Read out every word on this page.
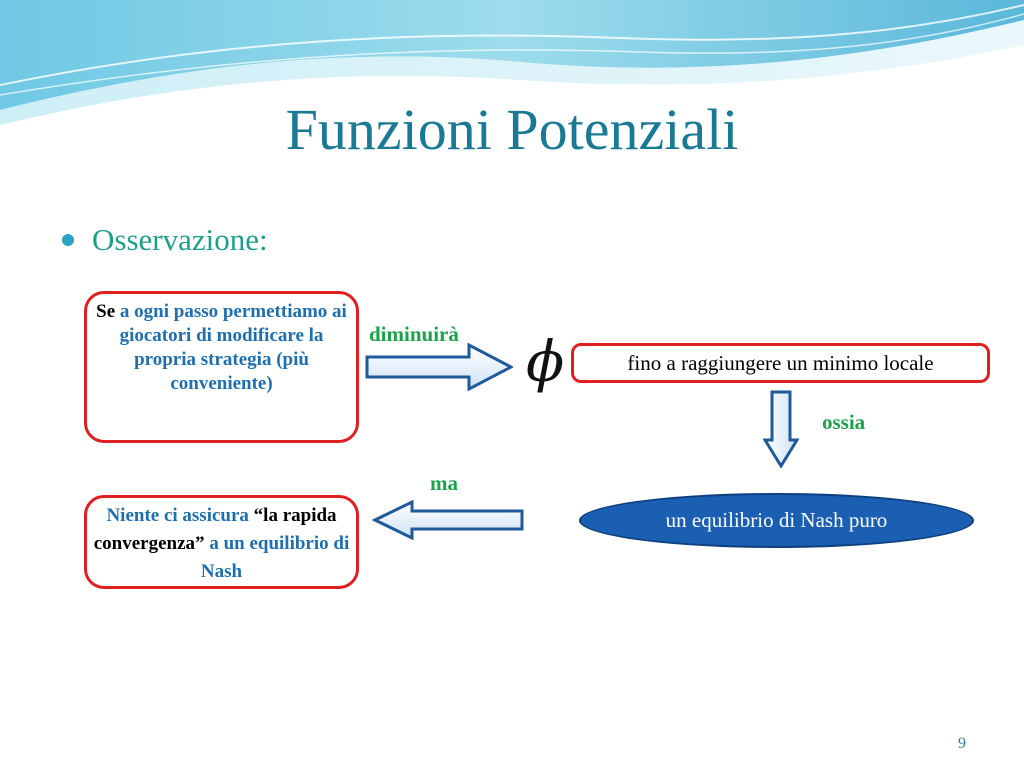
Funzioni Potenziali
Osservazione:
Se a ogni passo permettiamo ai giocatori di modificare la propria strategia (più conveniente)
diminuirà ϕ	fino a raggiungere un minimo locale
ossia
un equilibrio di Nash puro
ma
Niente ci assicura “la rapida convergenza” a un equilibrio di Nash
9
